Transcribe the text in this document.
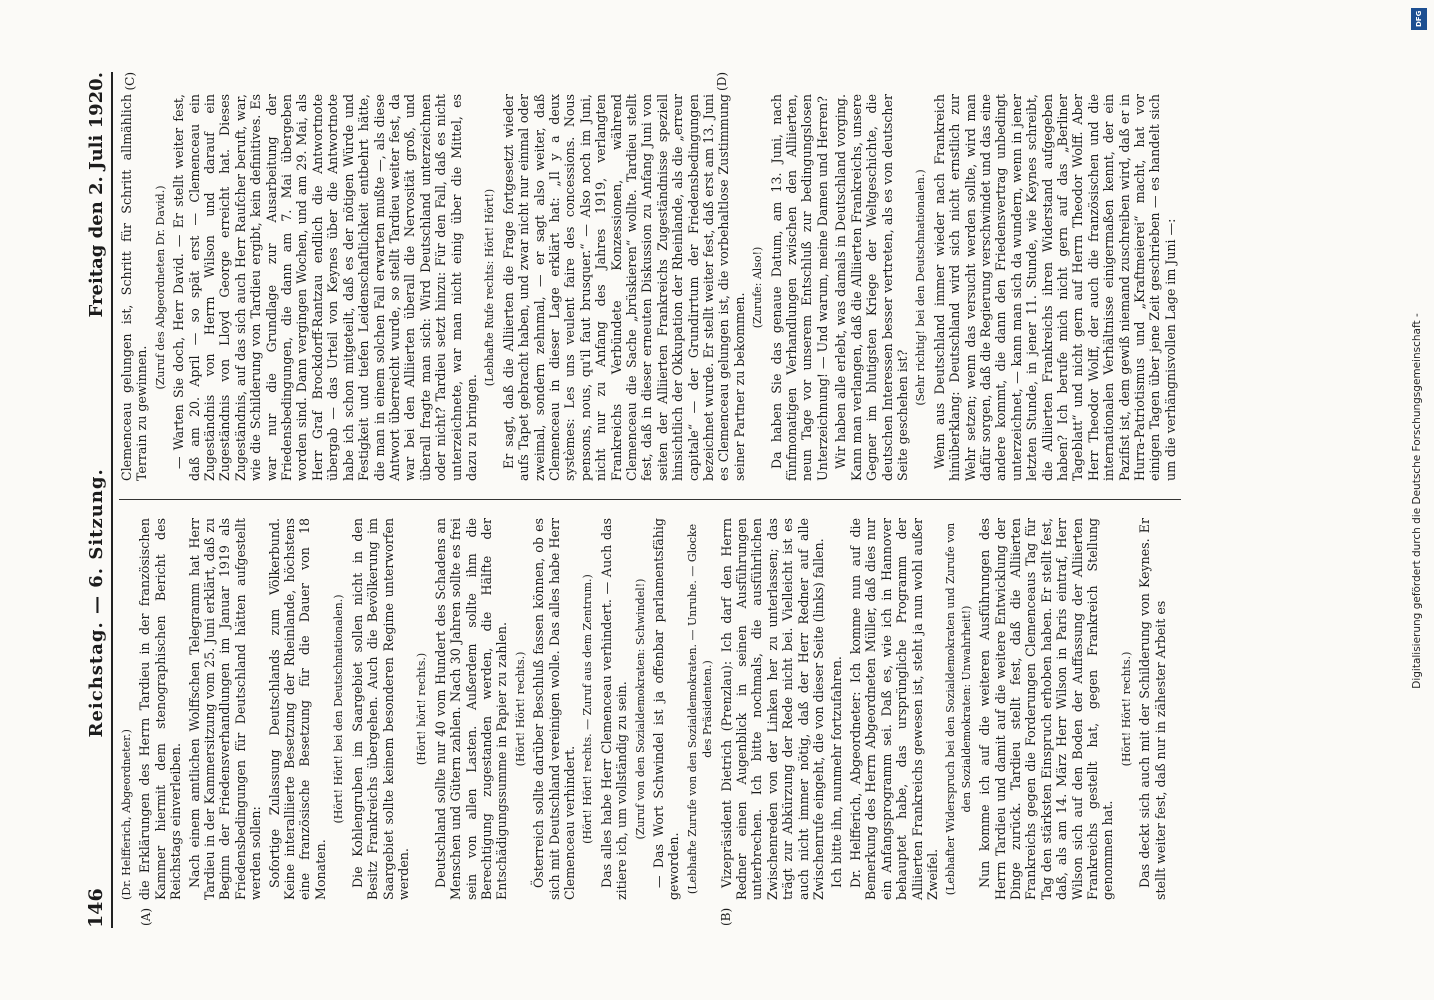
146
Reichstag. — 6. Sitzung.
Freitag den 2. Juli 1920.
(A)	(B)

(Dr. Helfferich, Abgeordneter.) die Erklärungen des Herrn Tardieu in der französischen Kammer hiermit dem stenographischen Bericht des Reichstags einverleiben. Nach einem amtlichen Wolffschen Telegramm hat Herr Tardieu in der Kammersitzung vom 25. Juni erklärt, daß zu Beginn der Friedensverhandlungen im Januar 1919 als Friedensbedingungen für Deutschland hätten aufgestellt werden sollen: Sofortige Zulassung Deutschlands zum Völkerbund. Keine interalliierte Besetzung der Rheinlande, höchstens eine französische Besetzung für die Dauer von 18 Monaten.

(Hört! Hört! bei den Deutschnationalen.) Die Kohlengruben im Saargebiet sollen nicht in den Besitz Frankreichs übergehen. Auch die Bevölkerung im Saargebiet sollte keinem besonderen Regime unterworfen werden.

(Hört! hört! rechts.) Deutschland sollte nur 40 vom Hundert des Schadens an Menschen und Gütern zahlen. Nach 30 Jahren sollte es frei sein von allen Lasten. Außerdem sollte ihm die Berechtigung zugestanden werden, die Hälfte der Entschädigungssumme in Papier zu zahlen. (Hört! Hört! rechts.) Österreich sollte darüber Beschluß fassen können, ob es sich mit Deutschland vereinigen wolle. Das alles habe Herr Clemenceau verhindert. (Hört! Hört! rechts. — Zuruf aus dem Zentrum.) Das alles habe Herr Clemenceau verhindert. — Auch das zitiere ich, um vollständig zu sein. (Zuruf von den Sozialdemokraten: Schwindel!) — Das Wort Schwindel ist ja offenbar parlamentsfähig geworden. (Lebhafte Zurufe von den Sozialdemokraten. — Unruhe. — Glocke des Präsidenten.) Vizepräsident Dietrich (Prenzlau): Ich darf den Herrn Redner einen Augenblick in seinen Ausführungen unterbrechen. Ich bitte nochmals, die ausführlichen Zwischenreden von der Linken her zu unterlassen; das trägt zur Abkürzung der Rede nicht bei. Vielleicht ist es auch nicht immer nötig, daß der Herr Redner auf alle Zwischenrufe eingeht, die von dieser Seite (links) fallen. Ich bitte ihn, nunmehr fortzufahren. Dr. Helfferich, Abgeordneter: Ich komme nun auf die Bemerkung des Herrn Abgeordneten Müller, daß dies nur ein Anfangsprogramm sei. Daß es, wie ich in Hannover behauptet habe, das ursprüngliche Programm der Alliierten Frankreichs gewesen ist, steht ja nun wohl außer Zweifel. (Lebhafter Widerspruch bei den Sozialdemokraten und Zurufe von den Sozialdemokraten: Unwahrheit!) Nun komme ich auf die weiteren Ausführungen des Herrn Tardieu und damit auf die weitere Entwicklung der Dinge zurück. Tardieu stellt fest, daß die Alliierten Frankreichs gegen die Forderungen Clemenceaus Tag für Tag den stärksten Einspruch erhoben haben. Er stellt fest, daß, als am 14. März Herr Wilson in Paris eintraf, Herr Wilson sich auf den Boden der Auffassung der Alliierten Frankreichs gestellt hat, gegen Frankreich Stellung genommen hat.

(Hört! Hört! rechts.) Das deckt sich auch mit der Schilderung von Keynes. Er stellt weiter fest, daß nur in zähester Arbeit es

(C)	(D)

Clemenceau gelungen ist, Schritt für Schritt allmählich Terrain zu gewinnen.

(Zuruf des Abgeordneten Dr. David.) — Warten Sie doch, Herr David. — Er stellt weiter fest, daß am 20. April — so spät erst — Clemenceau ein Zugeständnis von Herrn Wilson und darauf ein Zugeständnis von Lloyd George erreicht hat. Dieses Zugeständnis, auf das sich auch Herr Raufcher beruft, war, wie die Schilderung von Tardieu ergibt, kein definitives. Es war nur die Grundlage zur Ausarbeitung der Friedensbedingungen, die dann am 7. Mai übergeben worden sind. Dann vergingen Wochen, und am 29. Mai, als Herr Graf Brockdorff-Rantzau endlich die Antwortnote übergab — das Urteil von Keynes über die Antwortnote habe ich schon mitgeteilt, daß es der nötigen Würde und Festigkeit und tiefen Leidenschaftlichkeit entbehrt hätte, die man in einem solchen Fall erwarten mußte —, als diese Antwort überreicht wurde, so stellt Tardieu weiter fest, da war bei den Alliierten überall die Nervosität groß, und überall fragte man sich: Wird Deutschland unterzeichnen oder nicht? Tardieu setzt hinzu: Für den Fall, daß es nicht unterzeichnete, war man nicht einig über die Mittel, es dazu zu bringen.

(Lebhafte Rufe rechts: Hört! Hört!) Er sagt, daß die Alliierten die Frage fortgesetzt wieder aufs Tapet gebracht haben, und zwar nicht nur einmal oder zweimal, sondern zehnmal, — er sagt also weiter, daß Clemenceau in dieser Lage erklärt hat: „Il y a deux systèmes: Les uns veulent faire des concessions. Nous pensons, nous, qu'il faut brusquer.“ — Also noch im Juni, nicht nur zu Anfang des Jahres 1919, verlangten Frankreichs Verbündete Konzessionen, während Clemenceau die Sache „brüskieren“ wollte. Tardieu stellt fest, daß in dieser erneuten Diskussion zu Anfang Juni von seiten der Alliierten Frankreichs Zugeständnisse speziell hinsichtlich der Okkupation der Rheinlande, als die „erreur capitale“ — der Grundirrtum der Friedensbedingungen bezeichnet wurde. Er stellt weiter fest, daß erst am 13. Juni es Clemenceau gelungen ist, die vorbehaltlose Zustimmung seiner Partner zu bekommen.

(Zurufe: Also!) Da haben Sie das genaue Datum, am 13. Juni, nach fünfmonatigen Verhandlungen zwischen den Alliierten, neun Tage vor unserem Entschluß zur bedingungslosen Unterzeichnung! — Und warum, meine Damen und Herren? Wir haben alle erlebt, was damals in Deutschland vorging. Kann man verlangen, daß die Alliierten Frankreichs, unsere Gegner im blutigsten Kriege der Weltgeschichte, die deutschen Interessen besser vertreten, als es von deutscher Seite geschehen ist?

(Sehr richtig! bei den Deutschnationalen.) Wenn aus Deutschland immer wieder nach Frankreich hinüberklang: Deutschland wird sich nicht ernstlich zur Wehr setzen; wenn das versucht werden sollte, wird man dafür sorgen, daß die Regierung verschwindet und das eine andere kommt, die dann den Friedensvertrag unbedingt unterzeichnet, — kann man sich da wundern, wenn in jener letzten Stunde, in jener 11. Stunde, wie Keynes schreibt, die Alliierten Frankreichs ihren Widerstand aufgegeben haben? Ich berufe mich nicht gern auf das „Berliner Tageblatt“ und nicht gern auf Herrn Theodor Wolff. Aber Herr Theodor Wolff, der auch die französischen und die internationalen Verhältnisse einigermaßen kennt, der ein Pazifist ist, dem gewiß niemand zuschreiben wird, daß er in Hurra-Patriotismus und „Kraftmeierei“ macht, hat vor einigen Tagen über jene Zeit geschrieben — es handelt sich um die verhängnisvollen Lage im Juni —:	Digitalisierung gefördert durch die Deutsche Forschungsgemeinschaft -
DFG
